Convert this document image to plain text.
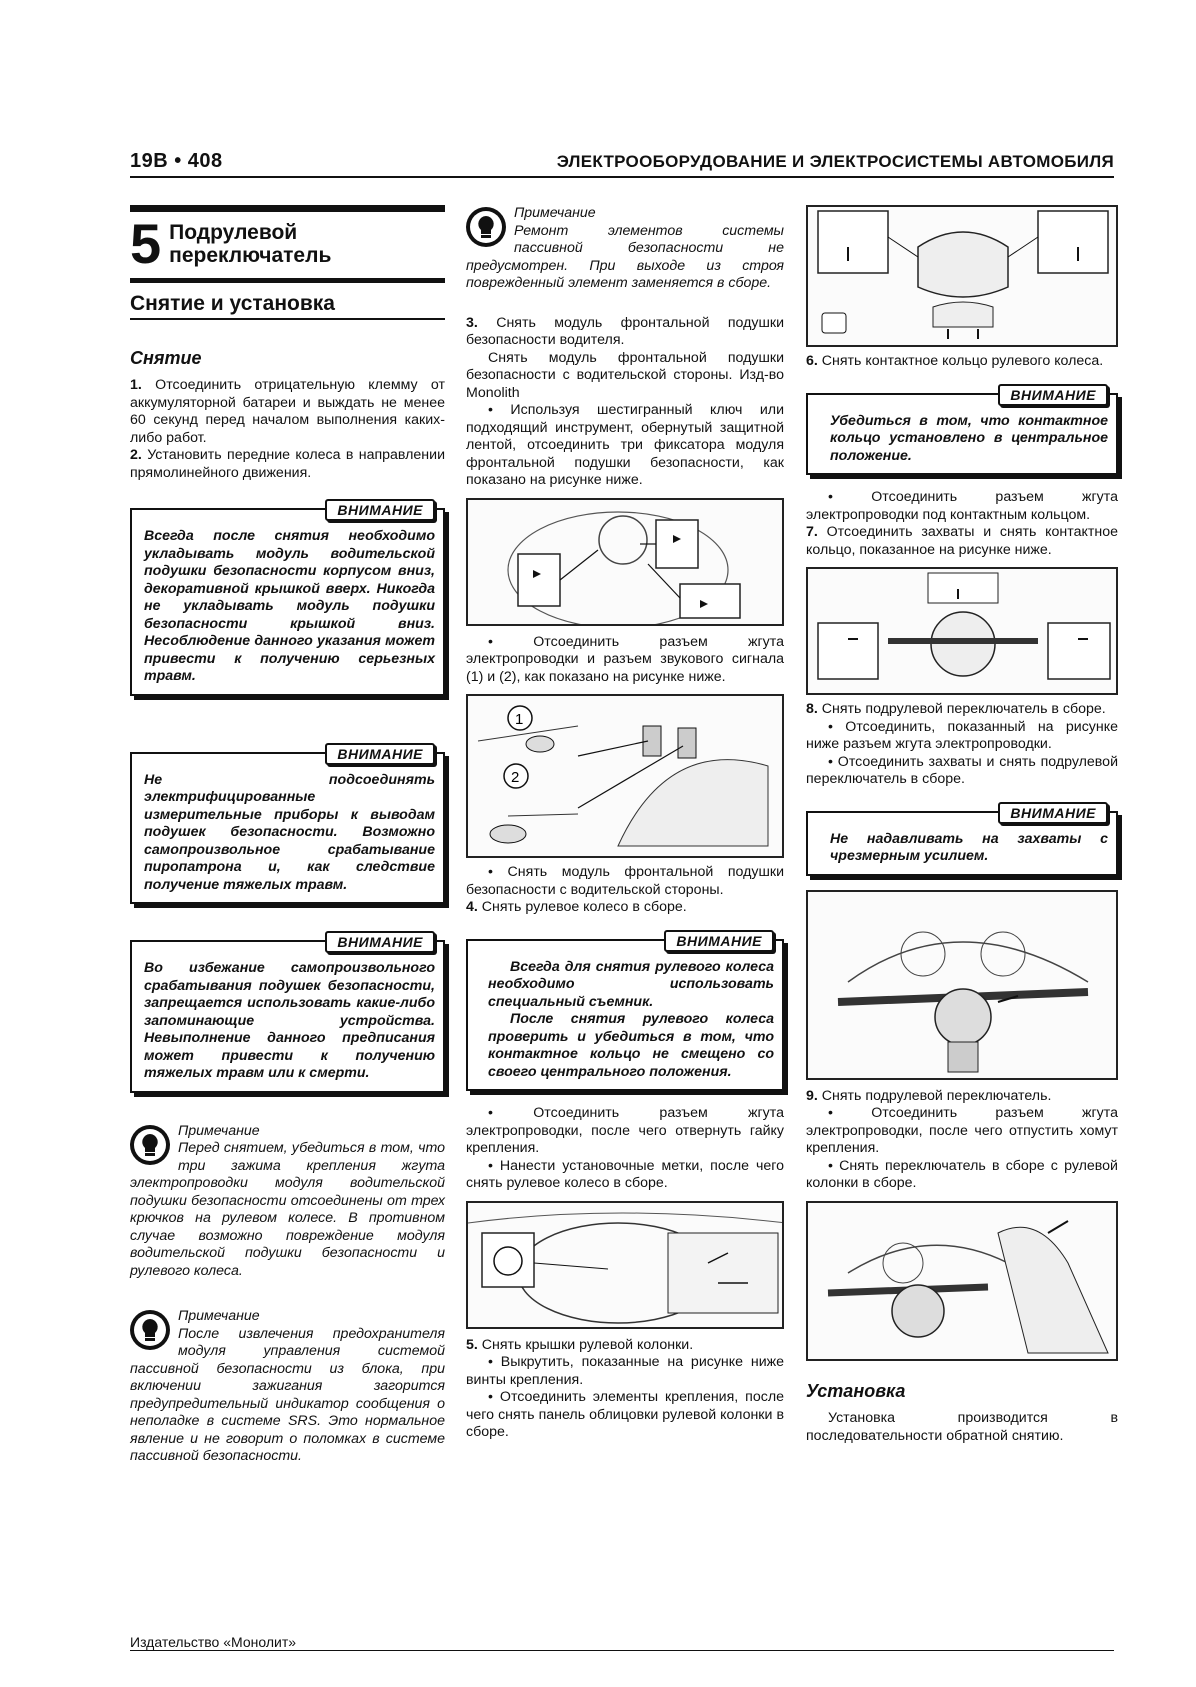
19B • 408	ЭЛЕКТРООБОРУДОВАНИЕ И ЭЛЕКТРОСИСТЕМЫ АВТОМОБИЛЯ
5 Подрулевой переключатель
Снятие и установка
Снятие

1. Отсоединить отрицательную клемму от аккумуляторной батареи и выждать не менее 60 секунд перед началом выполнения каких-либо работ.

2. Установить передние колеса в направлении прямолинейного движения.

ВНИМАНИЕ
Всегда после снятия необходимо укладывать модуль водительской подушки безопасности корпусом вниз, декоративной крышкой вверх. Никогда не укладывать модуль подушки безопасности крышкой вниз. Несоблюдение данного указания может привести к получению серьезных травм.
ВНИМАНИЕ
Не подсоединять электрифицированные измерительные приборы к выводам подушек безопасности. Возможно самопроизвольное срабатывание пиропатрона и, как следствие получение тяжелых травм.
ВНИМАНИЕ
Во избежание самопроизвольного срабатывания подушек безопасности, запрещается использовать какие-либо запоминающие устройства. Невыполнение данного предписания может привести к получению тяжелых травм или к смерти.

Примечание

Перед снятием, убедиться в том, что три зажима крепления жгута электропроводки модуля водительской подушки безопасности отсоединены от трех крючков на рулевом колесе. В противном случае возможно повреждение модуля водительской подушки безопасности и рулевого колеса.

Примечание

После извлечения предохранителя модуля управления системой пассивной безопасности из блока, при включении зажигания загорится предупредительный индикатор сообщения о неполадке в системе SRS. Это нормальное явление и не говорит о поломках в системе пассивной безопасности.

Примечание

Ремонт элементов системы пассивной безопасности не предусмотрен. При выходе из строя поврежденный элемент заменяется в сборе.

3. Снять модуль фронтальной подушки безопасности водителя.

Снять модуль фронтальной подушки безопасности с водительской стороны. Изд-во Monolith

• Используя шестигранный ключ или подходящий инструмент, обернутый защитной лентой, отсоединить три фиксатора модуля фронтальной подушки безопасности, как показано на рисунке ниже.

• Отсоединить разъем жгута электропроводки и разъем звукового сигнала (1) и (2), как показано на рисунке ниже.

1
2

• Снять модуль фронтальной подушки безопасности с водительской стороны.

4. Снять рулевое колесо в сборе.

ВНИМАНИЕ
Всегда для снятия рулевого колеса необходимо использовать специальный съемник.
После снятия рулевого колеса проверить и убедиться в том, что контактное кольцо не смещено со своего центрального положения.

• Отсоединить разъем жгута электропроводки, после чего отвернуть гайку крепления.

• Нанести установочные метки, после чего снять рулевое колесо в сборе.

5. Снять крышки рулевой колонки.

• Выкрутить, показанные на рисунке ниже винты крепления.

• Отсоединить элементы крепления, после чего снять панель облицовки рулевой колонки в сборе.

6. Снять контактное кольцо рулевого колеса.

ВНИМАНИЕ
Убедиться в том, что контактное кольцо установлено в центральное положение.

• Отсоединить разъем жгута электропроводки под контактным кольцом.

7. Отсоединить захваты и снять контактное кольцо, показанное на рисунке ниже.

8. Снять подрулевой переключатель в сборе.

• Отсоединить, показанный на рисунке ниже разъем жгута электропроводки.

• Отсоединить захваты и снять подрулевой переключатель в сборе.

ВНИМАНИЕ
Не надавливать на захваты с чрезмерным усилием.

9. Снять подрулевой переключатель.

• Отсоединить разъем жгута электропроводки, после чего отпустить хомут крепления.

• Снять переключатель в сборе с рулевой колонки в сборе.

Установка

Установка производится в последовательности обратной снятию.

Издательство «Монолит»
